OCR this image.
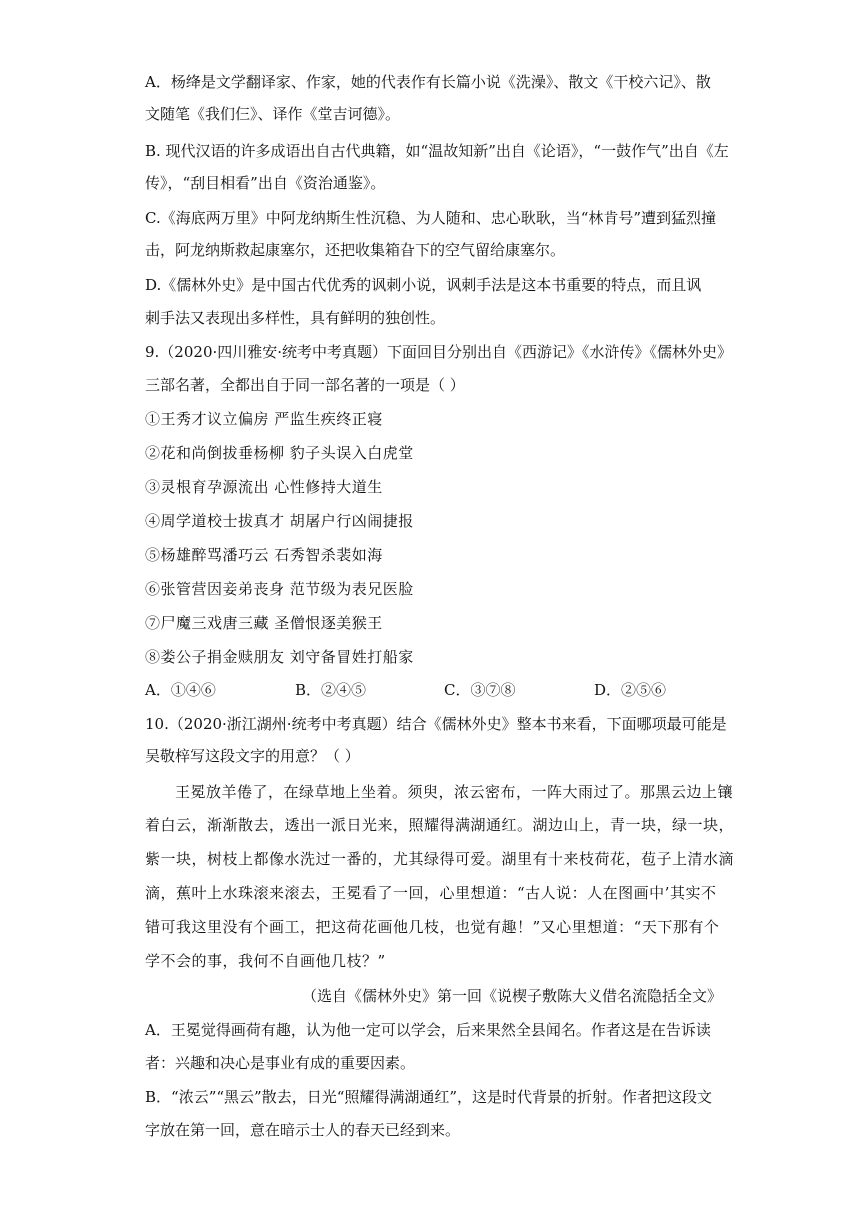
A．杨绛是文学翻译家、作家，她的代表作有长篇小说《洗澡》、散文《干校六记》、散
文随笔《我们仨》、译作《堂吉诃德》。
B. 现代汉语的许多成语出自古代典籍，如“温故知新”出自《论语》，“一鼓作气”出自《左
传》，“刮目相看”出自《资治通鉴》。
C.《海底两万里》中阿龙纳斯生性沉稳、为人随和、忠心耿耿，当“林肯号”遭到猛烈撞
击，阿龙纳斯救起康塞尔，还把收集箱旮下的空气留给康塞尔。
D.《儒林外史》是中国古代优秀的讽刺小说，讽刺手法是这本书重要的特点，而且讽
刺手法又表现出多样性，具有鲜明的独创性。
9.（2020·四川雅安·统考中考真题）下面回目分别出自《西游记》《水浒传》《儒林外史》
三部名著，全都出自于同一部名著的一项是（ ）
①王秀才议立偏房 严监生疾终正寝
②花和尚倒拔垂杨柳 豹子头误入白虎堂
③灵根育孕源流出 心性修持大道生
④周学道校士拔真才 胡屠户行凶闹捷报
⑤杨雄醉骂潘巧云 石秀智杀裴如海
⑥张管营因妾弟丧身 范节级为表兄医脸
⑦尸魔三戏唐三藏 圣僧恨逐美猴王
⑧娄公子捐金赎朋友 刘守备冒姓打船家
A．①④⑥	B．②④⑤	C．③⑦⑧	D．②⑤⑥
10.（2020·浙江湖州·统考中考真题）结合《儒林外史》整本书来看，下面哪项最可能是
吴敬梓写这段文字的用意？（ ）
王冕放羊倦了，在绿草地上坐着。须臾，浓云密布，一阵大雨过了。那黑云边上镶
着白云，渐渐散去，透出一派日光来，照耀得满湖通红。湖边山上，青一块，绿一块，
紫一块，树枝上都像水洗过一番的，尤其绿得可爱。湖里有十来枝荷花，苞子上清水滴
滴，蕉叶上水珠滚来滚去，王冕看了一回，心里想道：“古人说：人在图画中’其实不
错可我这里没有个画工，把这荷花画他几枝，也觉有趣！”又心里想道：“天下那有个
学不会的事，我何不自画他几枝？”
（选自《儒林外史》第一回《说楔子敷陈大义借名流隐括全文》
A．王冕觉得画荷有趣，认为他一定可以学会，后来果然全县闻名。作者这是在告诉读
者：兴趣和决心是事业有成的重要因素。
B．“浓云”“黑云”散去，日光“照耀得满湖通红”，这是时代背景的折射。作者把这段文
字放在第一回，意在暗示士人的春天已经到来。
